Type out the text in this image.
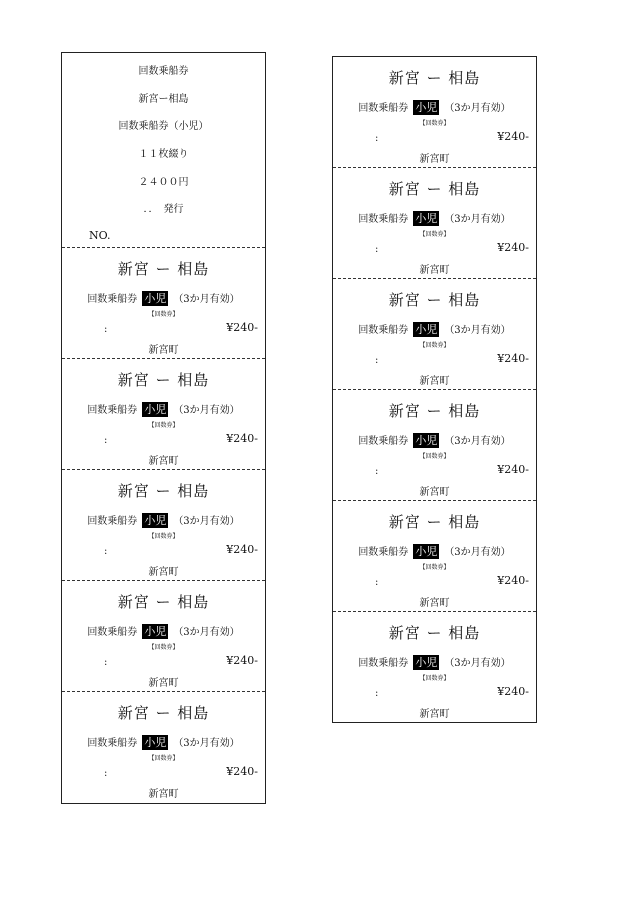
回数乗船券
新宮ー相島
回数乗船券（小児）
１１枚綴り
２４００円
．．　発行
NO.
新宮 ー 相島
回数乗船券 小児 （3か月有効）
【回数券】
:	¥240-
新宮町
新宮 ー 相島
回数乗船券 小児 （3か月有効）
【回数券】
:	¥240-
新宮町
新宮 ー 相島
回数乗船券 小児 （3か月有効）
【回数券】
:	¥240-
新宮町
新宮 ー 相島
回数乗船券 小児 （3か月有効）
【回数券】
:	¥240-
新宮町
新宮 ー 相島
回数乗船券 小児 （3か月有効）
【回数券】
:	¥240-
新宮町
新宮 ー 相島
回数乗船券 小児 （3か月有効）
【回数券】
:	¥240-
新宮町
新宮 ー 相島
回数乗船券 小児 （3か月有効）
【回数券】
:	¥240-
新宮町
新宮 ー 相島
回数乗船券 小児 （3か月有効）
【回数券】
:	¥240-
新宮町
新宮 ー 相島
回数乗船券 小児 （3か月有効）
【回数券】
:	¥240-
新宮町
新宮 ー 相島
回数乗船券 小児 （3か月有効）
【回数券】
:	¥240-
新宮町
新宮 ー 相島
回数乗船券 小児 （3か月有効）
【回数券】
:	¥240-
新宮町
